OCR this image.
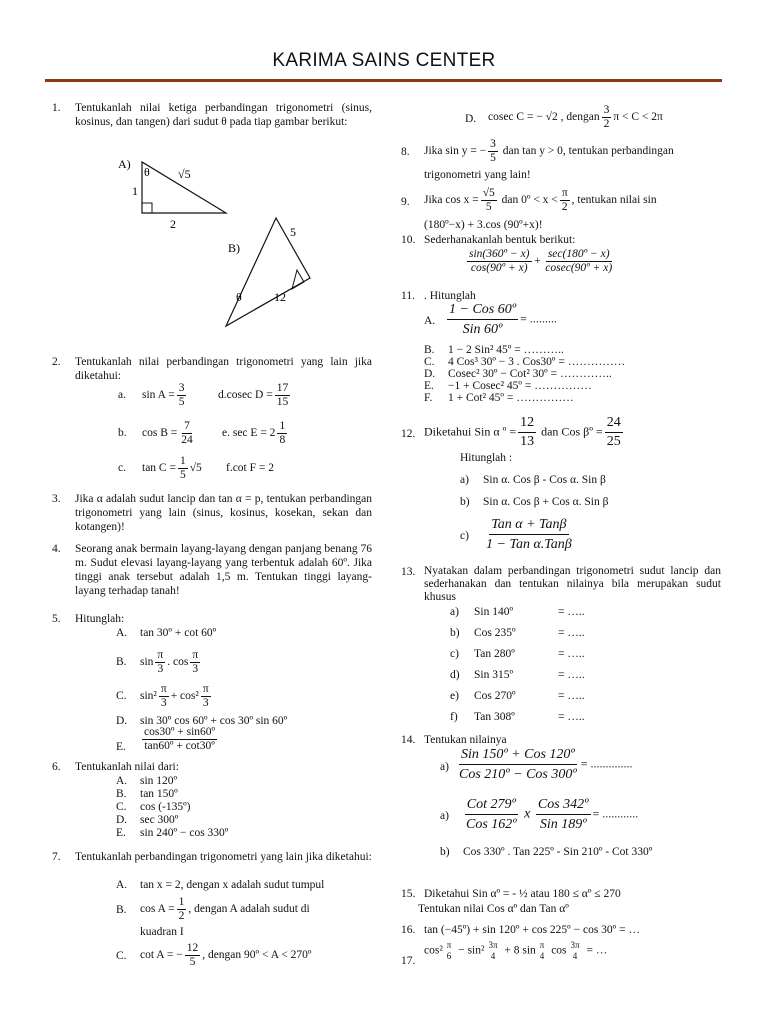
KARIMA SAINS CENTER
1. Tentukanlah nilai ketiga perbandingan trigonometri (sinus, kosinus, dan tangen) dari sudut θ pada tiap gambar berikut:
A)
θ √5
1
2
B)
5
θ	12
2. Tentukanlah nilai perbandingan trigonometri yang lain jika diketahui:
a. $\sin A = \frac{3}{5}$	d.cosec $D = \frac{17}{15}$
b. $\cos B = \frac{7}{24} e$. $\sec E = 2 \frac{1}{8}$
c. $\tan C = \frac{1}{5} √5$ f.cot F = 2
3. Jika α adalah sudut lancip dan tan α = p, tentukan perbandingan trigonometri yang lain (sinus, kosinus, kosekan, sekan dan kotangen)!
4. Seorang anak bermain layang-layang dengan panjang benang 76 m. Sudut elevasi layang-layang yang terbentuk adalah 60º. Jika tinggi anak tersebut adalah 1,5 m. Tentukan tinggi layang-layang terhadap tanah!
5. Hitunglah:
A. tan 30º + cot 60º
B. $\sin \frac{\pi}{3}$ . $\cos \frac{\pi}{3}$
C. $\sin^2 \frac{\pi}{3} + \cos^2 \frac{\pi}{3}$
D. sin 30º cos 60º + cos 30º sin 60º
E. $\frac{\text{cos30º + sin60º}}{\text{tan60º + cot30º}}$
6. Tentukanlah nilai dari:
A. sin 120º
B. tan 150º
C. cos (-135º)
D. sec 300º
E. sin 240º − cos 330º
7. Tentukanlah perbandingan trigonometri yang lain jika diketahui:
A. tan x = 2, dengan x adalah sudut tumpul
B. $\cos A = \frac{1}{2}$ , dengan A adalah sudut di
kuadran I
C. cot A = − $\frac{12}{5}$ , dengan 90º < A < 270º
D. cosec C = − √2 , dengan $\frac{3}{2}$ π < C < 2π
8. Jika sin y = − $\frac{3}{5}$ dan tan y > 0, tentukan perbandingan
trigonometri yang lain!
9. Jika $\cos x = \frac{√5}{5}$ dan 0º < $x < \frac{\pi}{2}$ , tentukan nilai sin
(180º−x) + 3.cos (90º+x)!
10. Sederhanakanlah bentuk berikut:
$\frac{\text{sin(360º − x)}}{\text{cos(90º + x)}} + \frac{\text{sec(180º − x)}}{\text{cosec(90º + x)}}$
11. . Hitunglah
A. $\frac{\text{1 − Cos 60º}}{\text{Sin 60º}}$ = .........
B. 1 − 2 Sin² 45º = ………..
C. 4 Cos³ 30º − 3 . Cos30º = ……………
D. Cosec² 30º − Cot² 30º = …………..
E. −1 + Cosec² 45º = ……………
F. 1 + Cot² 45º = ……………
12. Diketahui Sin α º = $\frac{12}{13}$ dan Cos βº = $\frac{24}{25}$
Hitunglah :
a) Sin α. Cos β - Cos α. Sin β
b) Sin α. Cos β + Cos α. Sin β
$c) \frac{\text{Tan α + Tanβ}}{\text{1 − Tan α.Tanβ}}$
13. Nyatakan dalam perbandingan trigonometri sudut lancip dan sederhanakan dan tentukan nilainya bila merupakan sudut khusus
a) Sin 140º	= …..
b) Cos 235º	= …..
c) Tan 280º	= …..
d) Sin 315º	= …..
e) Cos 270º	= …..
f) Tan 308º	= …..
14. Tentukan nilainya
$a) \frac{\text{Sin 150º + Cos 120º}}{\text{Cos 210º − Cos 300º}}$ = ..............
$a) \frac{\text{Cot 279º}}{\text{Cos 162º}}$ x $\frac{\text{Cos 342º}}{\text{Sin 189º}}$ = ............
b) Cos 330º . Tan 225º - Sin 210º - Cot 330º
15. Diketahui Sin αº = - ½ atau 180 ≤ αº ≤ 270
Tentukan nilai Cos αº dan Tan αº
16. tan (−45º) + sin 120º + cos 225º − cos 30º = …
17.
cos² π
6 − sin² 3π
4 + 8 sin π
4 cos 3π
4 = …
